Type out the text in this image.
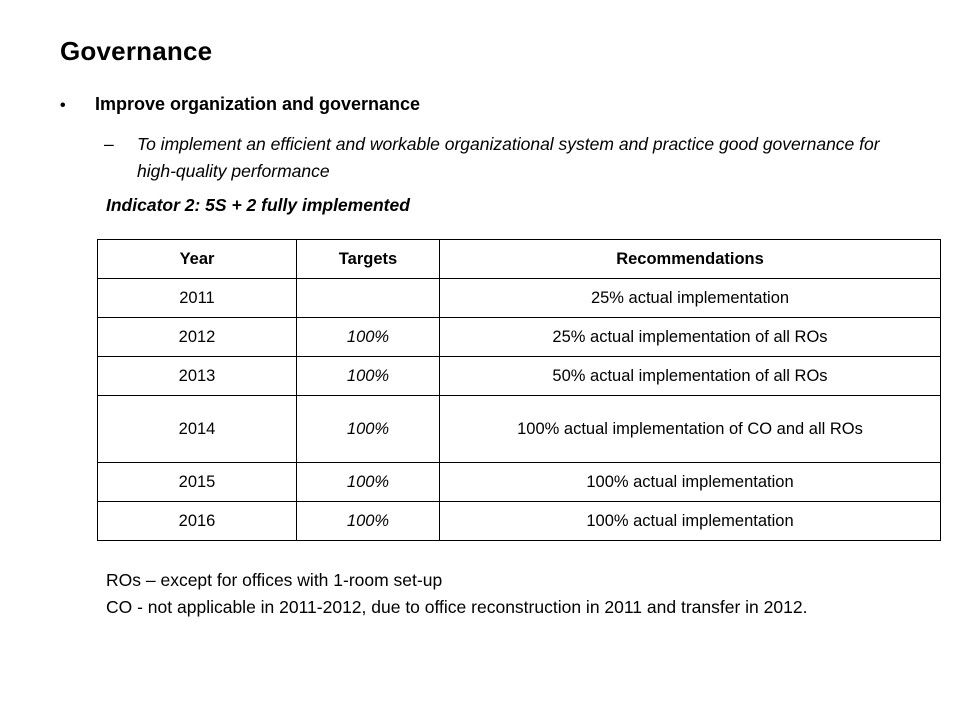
Governance
•	Improve organization and governance
–	To implement an efficient and workable organizational system and practice good governance for high-quality performance
Indicator 2: 5S + 2 fully implemented
Year	Targets	Recommendations
2011		25% actual implementation
2012	100%	25% actual implementation of all ROs
2013	100%	50% actual implementation of all ROs
2014	100%	100% actual implementation of CO and all ROs
2015	100%	100% actual implementation
2016	100%	100% actual implementation
ROs – except for offices with 1-room set-up
CO - not applicable in 2011-2012, due to office reconstruction in 2011 and transfer in 2012.
